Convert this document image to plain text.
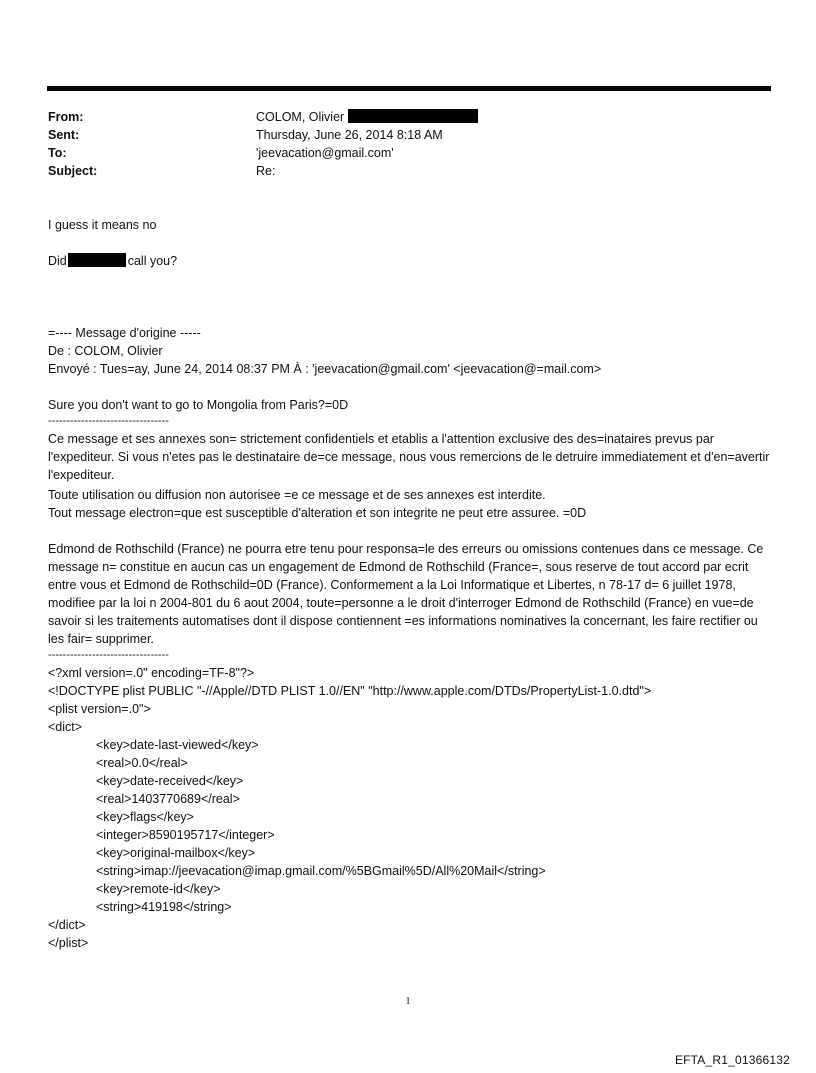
From:	COLOM, Olivier
Sent:	Thursday, June 26, 2014 8:18 AM
To:	'jeevacation@gmail.com'
Subject:	Re:
I guess it means no
Did	call you?
=---- Message d'origine -----
De : COLOM, Olivier
Envoyé : Tues=ay, June 24, 2014 08:37 PM À : 'jeevacation@gmail.com' <jeevacation@=mail.com>
Sure you don't want to go to Mongolia from Paris?=0D
---------------------------------
Ce message et ses annexes son= strictement confidentiels et etablis a l'attention exclusive des des=inataires prevus par l'expediteur. Si vous n'etes pas le destinataire de=ce message, nous vous remercions de le detruire immediatement et d'en=avertir l'expediteur.
Toute utilisation ou diffusion non autorisee =e ce message et de ses annexes est interdite.
Tout message electron=que est susceptible d'alteration et son integrite ne peut etre assuree. =0D
Edmond de Rothschild (France) ne pourra etre tenu pour responsa=le des erreurs ou omissions contenues dans ce message. Ce message n= constitue en aucun cas un engagement de Edmond de Rothschild (France=, sous reserve de tout accord par ecrit entre vous et Edmond de Rothschild=0D (France). Conformement a la Loi Informatique et Libertes, n 78-17 d= 6 juillet 1978, modifiee par la loi n 2004-801 du 6 aout 2004, toute=personne a le droit d'interroger Edmond de Rothschild (France) en vue=de savoir si les traitements automatises dont il dispose contiennent =es informations nominatives la concernant, les faire rectifier ou les fair= supprimer.
---------------------------------
<?xml version=.0" encoding=TF-8"?>
<!DOCTYPE plist PUBLIC "-//Apple//DTD PLIST 1.0//EN" "http://www.apple.com/DTDs/PropertyList-1.0.dtd">
<plist version=.0">
<dict>
<key>date-last-viewed</key>
<real>0.0</real>
<key>date-received</key>
<real>1403770689</real>
<key>flags</key>
<integer>8590195717</integer>
<key>original-mailbox</key>
<string>imap://jeevacation@imap.gmail.com/%5BGmail%5D/All%20Mail</string>
<key>remote-id</key>
<string>419198</string>
</dict>
</plist>
1
EFTA_R1_01366132
